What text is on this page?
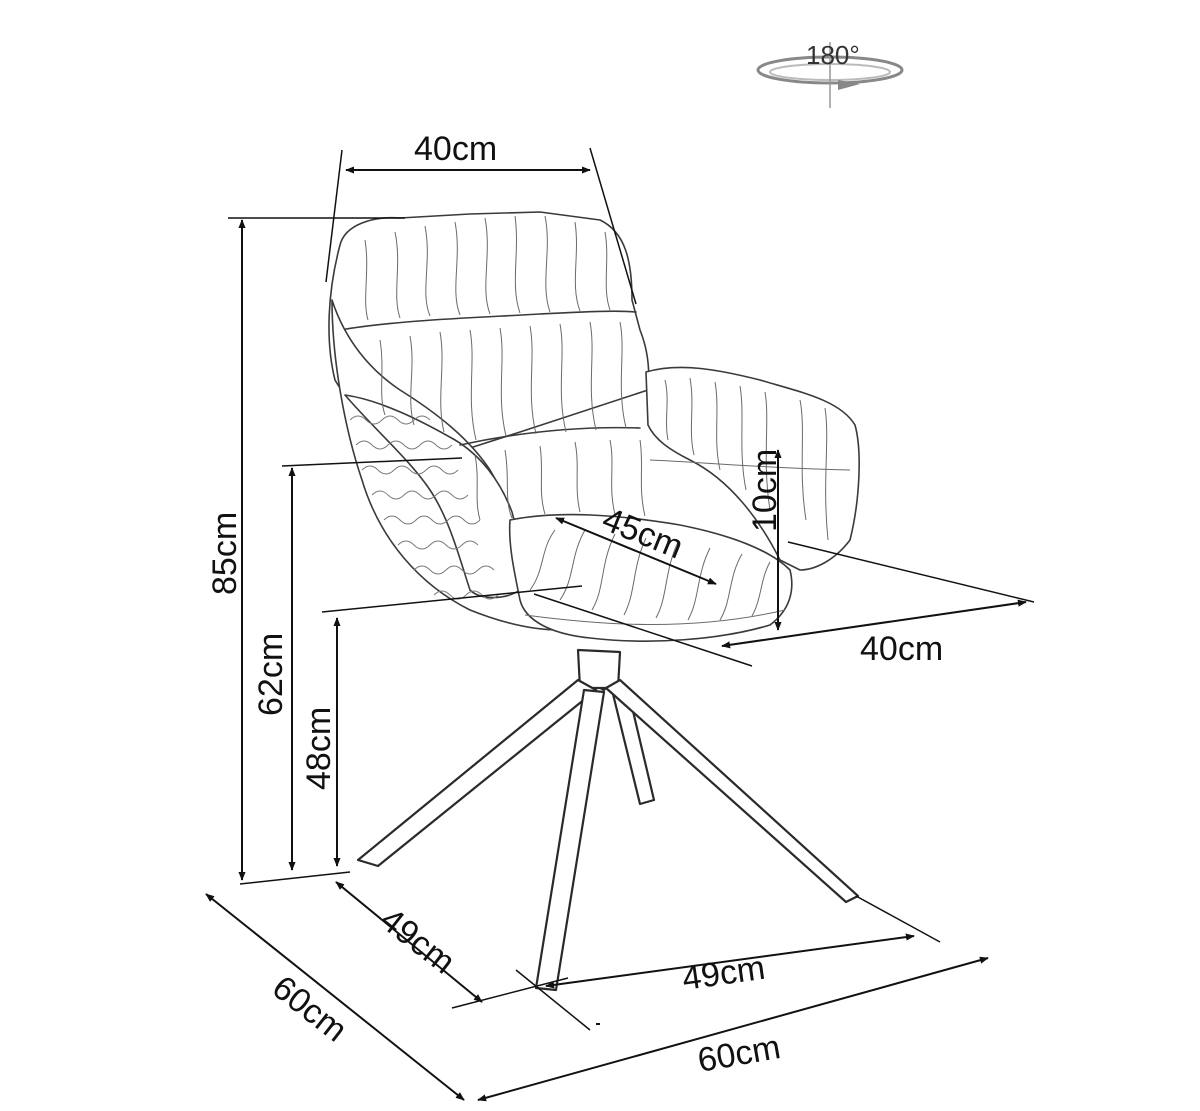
180°
40cm
85cm
62cm
48cm
10cm
45cm
40cm
49cm	49cm
60cm
60cm
